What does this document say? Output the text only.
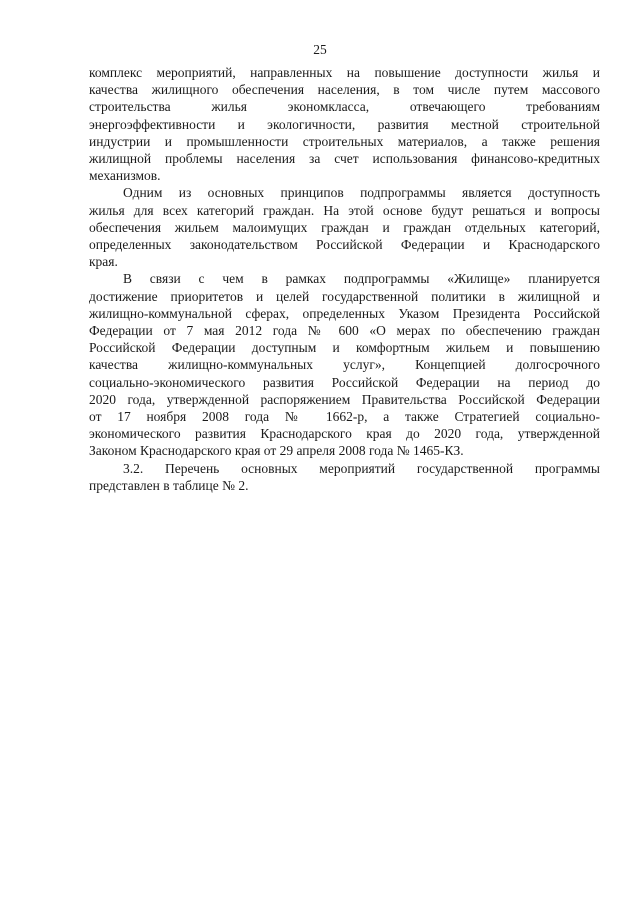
25
комплекс мероприятий, направленных на повышение доступности жилья и
качества жилищного обеспечения населения, в том числе путем массового
строительства жилья экономкласса, отвечающего требованиям
энергоэффективности и экологичности, развития местной строительной
индустрии и промышленности строительных материалов, а также решения
жилищной проблемы населения за счет использования финансово-кредитных
механизмов.
Одним из основных принципов подпрограммы является доступность
жилья для всех категорий граждан. На этой основе будут решаться и вопросы
обеспечения жильем малоимущих граждан и граждан отдельных категорий,
определенных законодательством Российской Федерации и Краснодарского
края.
В связи с чем в рамках подпрограммы «Жилище» планируется
достижение приоритетов и целей государственной политики в жилищной и
жилищно-коммунальной сферах, определенных Указом Президента Российской
Федерации от 7 мая 2012 года № 600 «О мерах по обеспечению граждан
Российской Федерации доступным и комфортным жильем и повышению
качества жилищно-коммунальных услуг», Концепцией долгосрочного
социально-экономического развития Российской Федерации на период до
2020 года, утвержденной распоряжением Правительства Российской Федерации
от 17 ноября 2008 года № 1662-р, а также Стратегией социально-
экономического развития Краснодарского края до 2020 года, утвержденной
Законом Краснодарского края от 29 апреля 2008 года № 1465-КЗ.
3.2. Перечень основных мероприятий государственной программы
представлен в таблице № 2.
